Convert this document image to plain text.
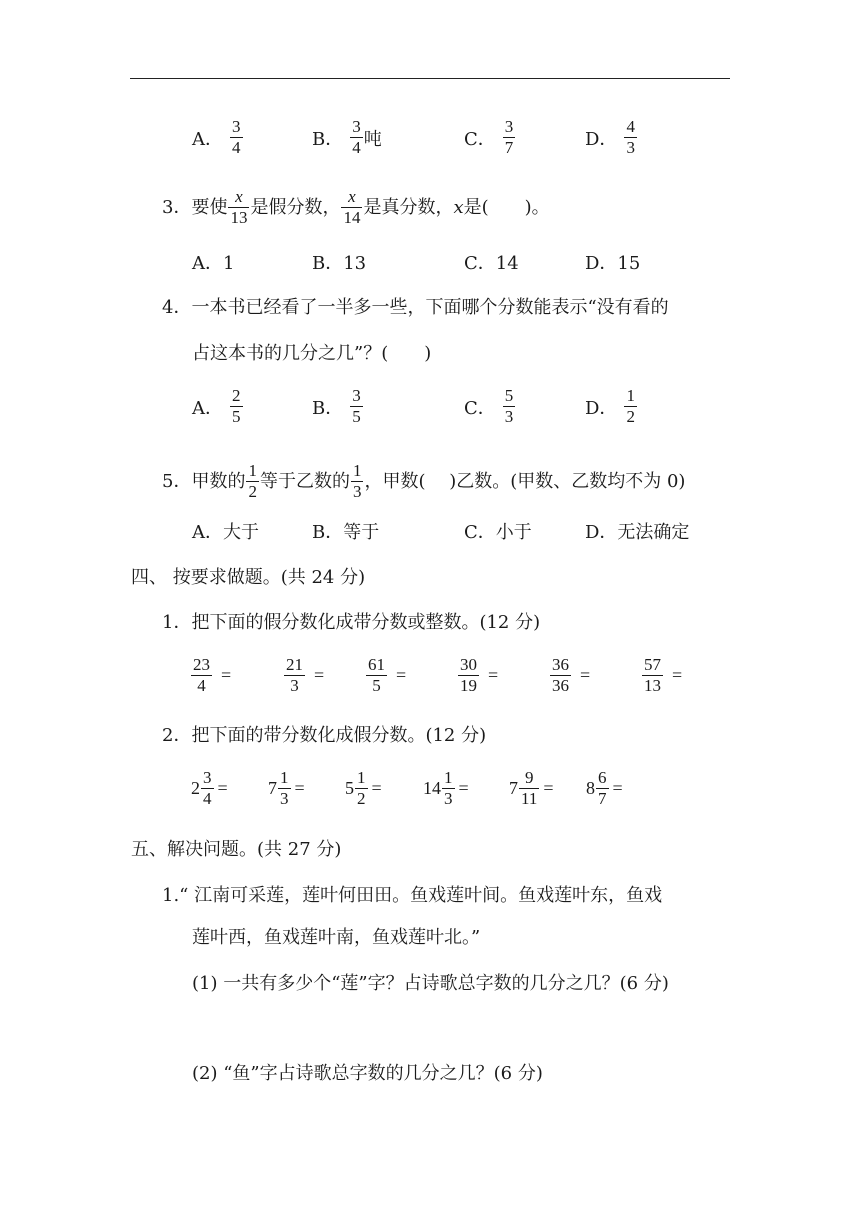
A． $\frac{3}{4}$	B． $\frac{3}{4}$ 吨	C． $\frac{3}{7}$	D． $\frac{4}{3}$
3． 要使 $\frac{x}{13}$ 是假分数， $\frac{x}{14}$ 是真分数， x 是(　　)。
A．1	B．13	C．14	D．15
4．一本书已经看了一半多一些，下面哪个分数能表示“没有看的
占这本书的几分之几”？(　　)
A． $\frac{2}{5}$	B． $\frac{3}{5}$	C． $\frac{5}{3}$	D． $\frac{1}{2}$
5． 甲数的 $\frac{1}{2}$ 等于乙数的 $\frac{1}{3}$ ，甲数(　 )乙数。(甲数、乙数均不为 0)
A．大于	B．等于	C．小于	D．无法确定
四、 按要求做题。(共 24 分)
1．把下面的假分数化成带分数或整数。(12 分)
$\frac{23}{4}$ =	$\frac{21}{3} = \frac{61}{5}$ =	$\frac{30}{19}$ =	$\frac{36}{36}$ =	$\frac{57}{13}$ =
2．把下面的带分数化成假分数。(12 分)
$2 \frac{3}{4} = 7 \frac{1}{3} = 5 \frac{1}{2} = 14 \frac{1}{3} = 7 \frac{9}{11} = 8 \frac{6}{7}$ =
五、解决问题。(共 27 分)
1.“ 江南可采莲，莲叶何田田。鱼戏莲叶间。鱼戏莲叶东，鱼戏
莲叶西，鱼戏莲叶南，鱼戏莲叶北。”
(1) 一共有多少个“莲”字？占诗歌总字数的几分之几？(6 分)
(2) “鱼”字占诗歌总字数的几分之几？(6 分)
